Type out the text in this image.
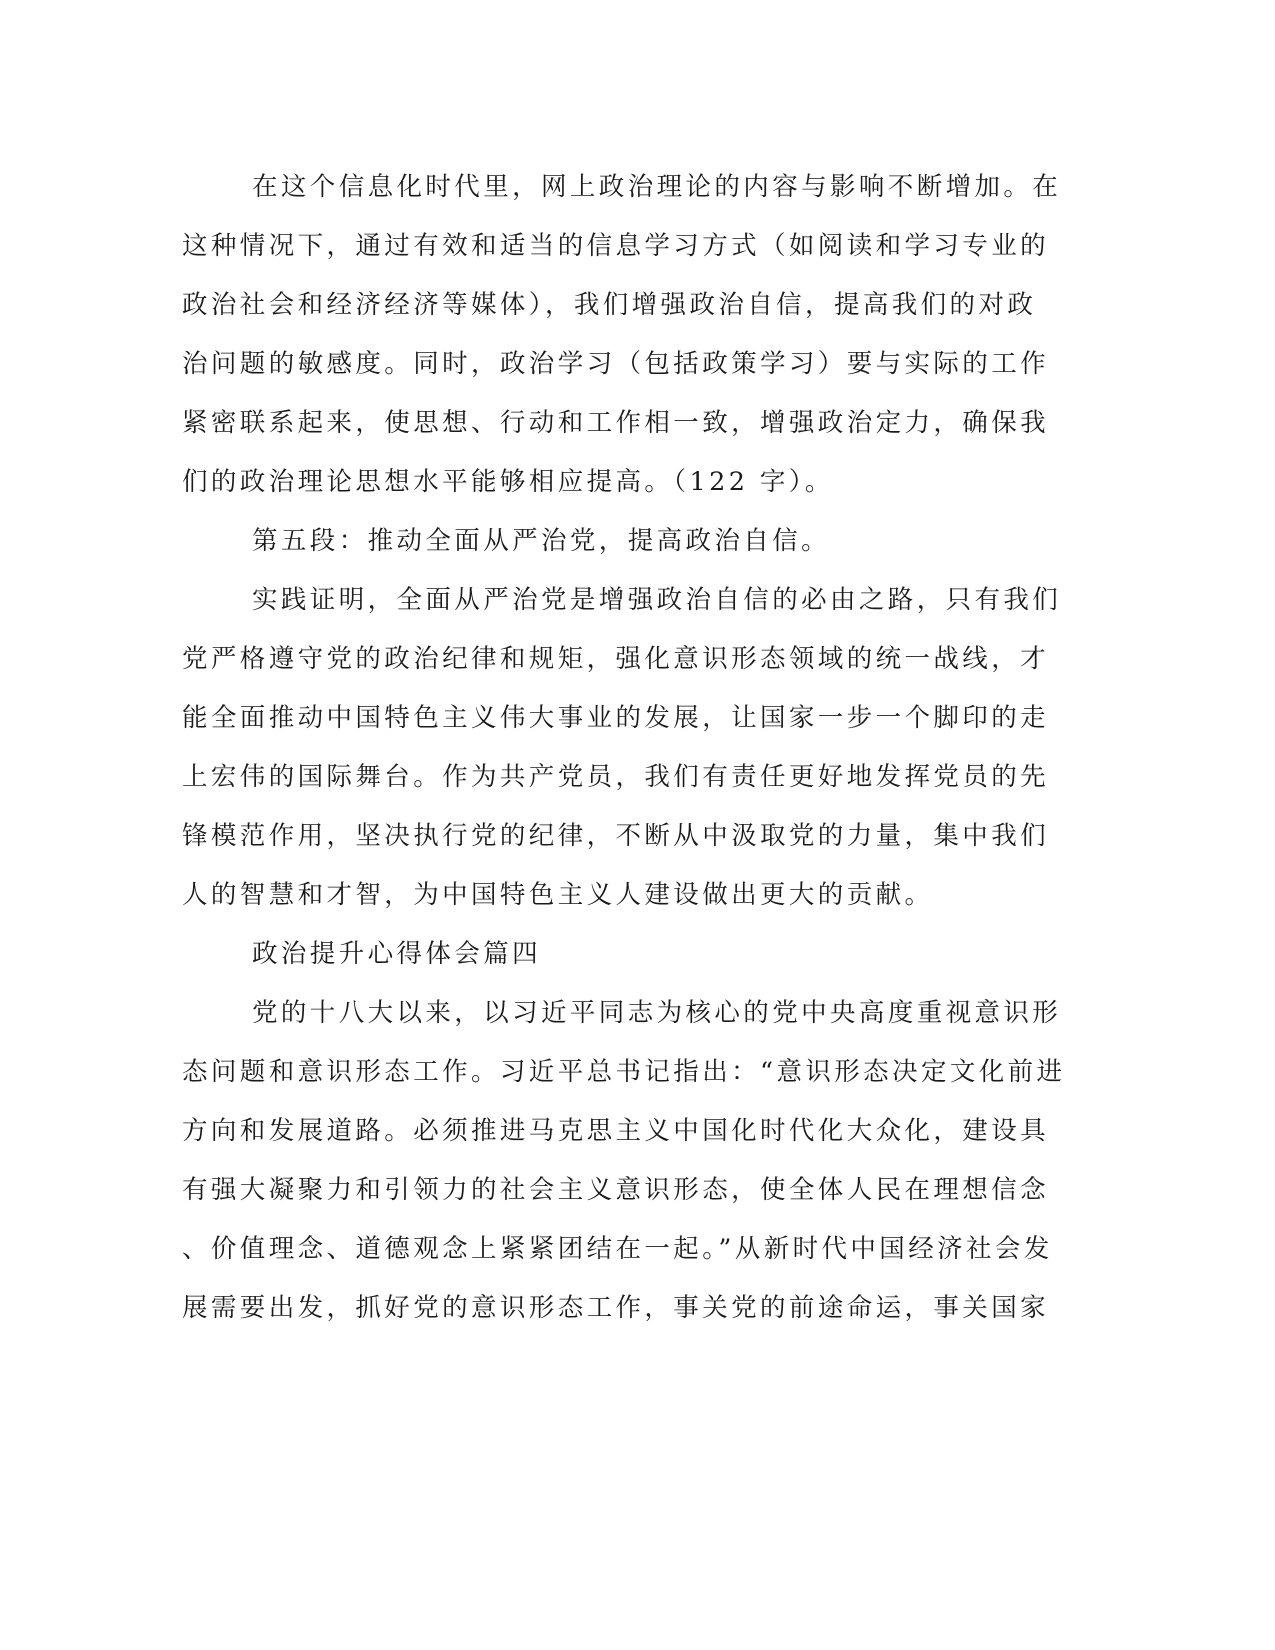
在这个信息化时代里，网上政治理论的内容与影响不断增加。在
这种情况下，通过有效和适当的信息学习方式（如阅读和学习专业的
政治社会和经济经济等媒体），我们增强政治自信，提高我们的对政
治问题的敏感度。同时，政治学习（包括政策学习）要与实际的工作
紧密联系起来，使思想、行动和工作相一致，增强政治定力，确保我
们的政治理论思想水平能够相应提高。（122 字）。
第五段：推动全面从严治党，提高政治自信。
实践证明，全面从严治党是增强政治自信的必由之路，只有我们
党严格遵守党的政治纪律和规矩，强化意识形态领域的统一战线，才
能全面推动中国特色主义伟大事业的发展，让国家一步一个脚印的走
上宏伟的国际舞台。作为共产党员，我们有责任更好地发挥党员的先
锋模范作用，坚决执行党的纪律，不断从中汲取党的力量，集中我们
人的智慧和才智，为中国特色主义人建设做出更大的贡献。
政治提升心得体会篇四
党的十八大以来，以习近平同志为核心的党中央高度重视意识形
态问题和意识形态工作。习近平总书记指出：“意识形态决定文化前进
方向和发展道路。必须推进马克思主义中国化时代化大众化，建设具
有强大凝聚力和引领力的社会主义意识形态，使全体人民在理想信念
、价值理念、道德观念上紧紧团结在一起。”从新时代中国经济社会发
展需要出发，抓好党的意识形态工作，事关党的前途命运，事关国家
